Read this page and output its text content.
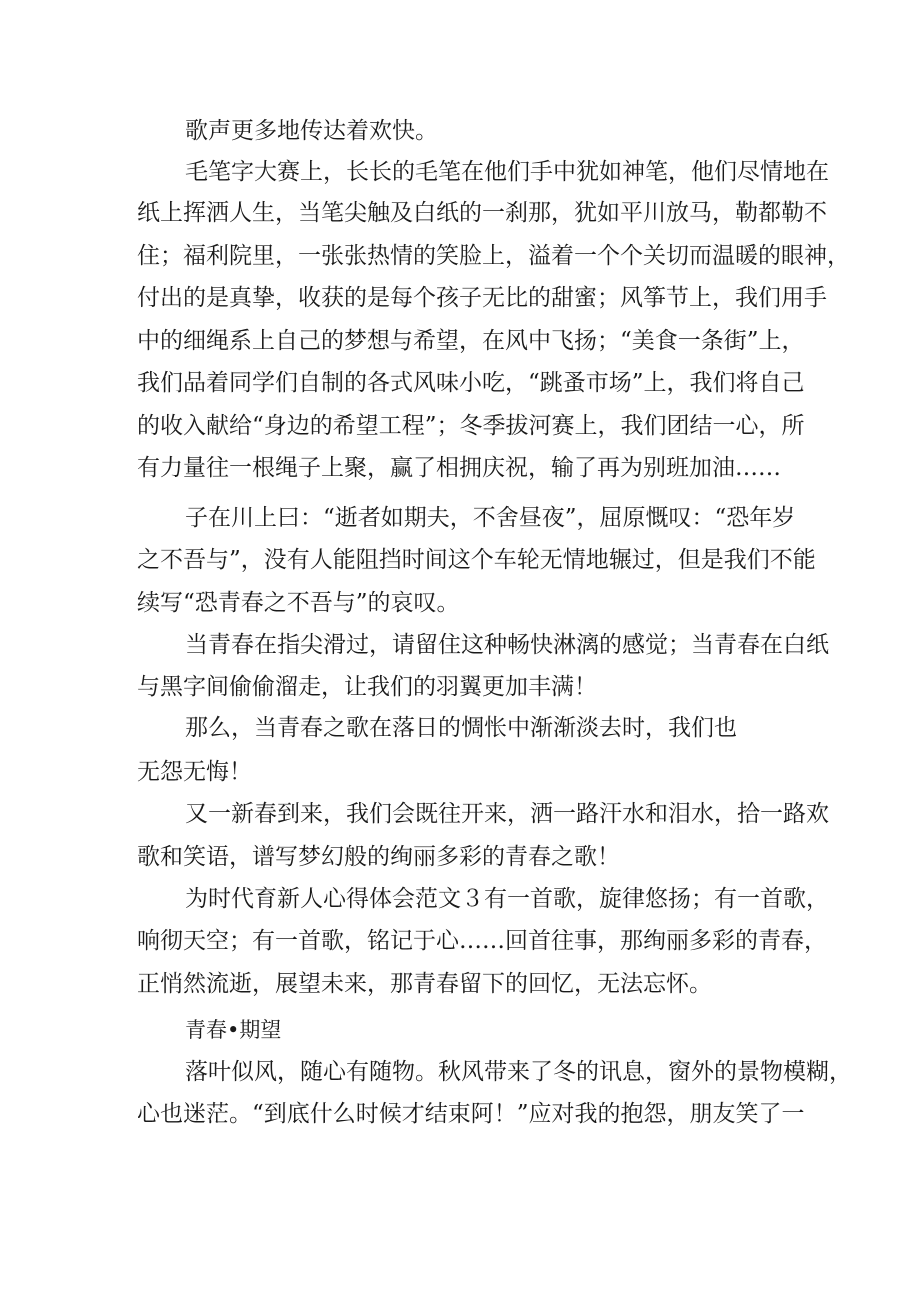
歌声更多地传达着欢快。
毛笔字大赛上，长长的毛笔在他们手中犹如神笔，他们尽情地在
纸上挥洒人生，当笔尖触及白纸的一刹那，犹如平川放马，勒都勒不
住；福利院里，一张张热情的笑脸上，溢着一个个关切而温暖的眼神，
付出的是真挚，收获的是每个孩子无比的甜蜜；风筝节上，我们用手
中的细绳系上自己的梦想与希望，在风中飞扬；“美食一条街”上，
我们品着同学们自制的各式风味小吃，“跳蚤市场”上，我们将自己
的收入献给“身边的希望工程”；冬季拔河赛上，我们团结一心，所
有力量往一根绳子上聚，赢了相拥庆祝，输了再为别班加油……
子在川上曰：“逝者如期夫，不舍昼夜”，屈原慨叹：“恐年岁
之不吾与”，没有人能阻挡时间这个车轮无情地辗过，但是我们不能
续写“恐青春之不吾与”的哀叹。
当青春在指尖滑过，请留住这种畅快淋漓的感觉；当青春在白纸
与黑字间偷偷溜走，让我们的羽翼更加丰满！
那么，当青春之歌在落日的惆怅中渐渐淡去时，我们也
无怨无悔！
又一新春到来，我们会既往开来，洒一路汗水和泪水，拾一路欢
歌和笑语，谱写梦幻般的绚丽多彩的青春之歌！
为时代育新人心得体会范文３有一首歌，旋律悠扬；有一首歌，
响彻天空；有一首歌，铭记于心……回首往事，那绚丽多彩的青春，
正悄然流逝，展望未来，那青春留下的回忆，无法忘怀。
青春•期望
落叶似风，随心有随物。秋风带来了冬的讯息，窗外的景物模糊，
心也迷茫。“到底什么时候才结束阿！”应对我的抱怨，朋友笑了一
